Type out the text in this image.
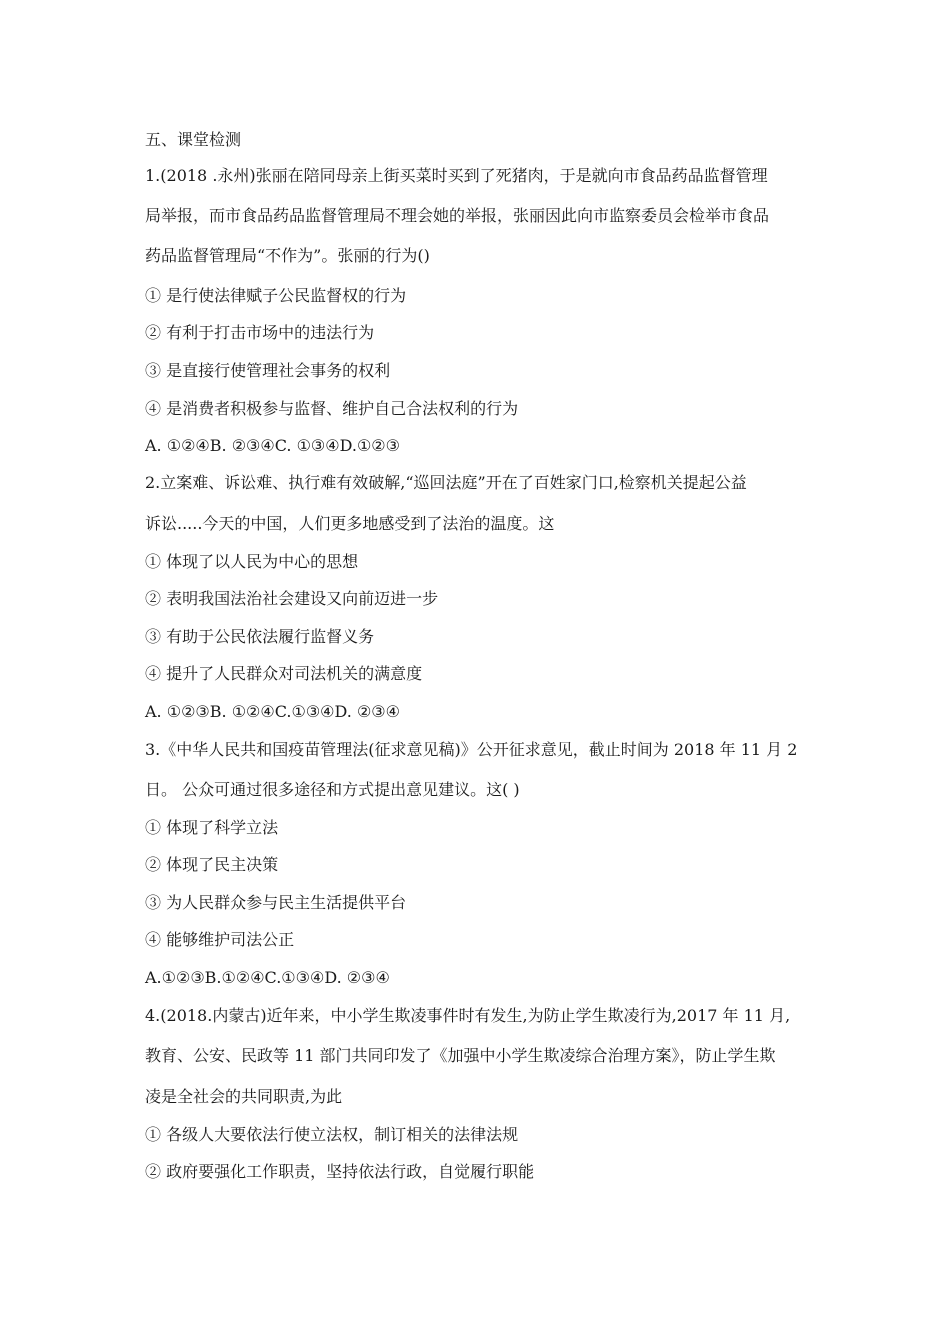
五、课堂检测
1.(2018 .永州)张丽在陪同母亲上街买菜时买到了死猪肉，于是就向市食品药品监督管理
局举报，而市食品药品监督管理局不理会她的举报，张丽因此向市监察委员会检举市食品
药品监督管理局“不作为”。张丽的行为()
① 是行使法律赋子公民监督权的行为
② 有利于打击市场中的违法行为
③ 是直接行使管理社会事务的权利
④ 是消费者积极参与监督、维护自己合法权利的行为
A. ①②④B. ②③④C. ①③④D.①②③
2.立案难、诉讼难、执行难有效破解,“巡回法庭”开在了百姓家门口,检察机关提起公益
诉讼.....今天的中国，人们更多地感受到了法治的温度。这
① 体现了以人民为中心的思想
② 表明我国法治社会建设又向前迈进一步
③ 有助于公民依法履行监督义务
④ 提升了人民群众对司法机关的满意度
A. ①②③B. ①②④C.①③④D. ②③④
3.《中华人民共和国疫苗管理法(征求意见稿)》公开征求意见，截止时间为 2018 年 11 月 2
日。 公众可通过很多途径和方式提出意见建议。这( )
① 体现了科学立法
② 体现了民主决策
③ 为人民群众参与民主生活提供平台
④ 能够维护司法公正
A.①②③B.①②④C.①③④D. ②③④
4.(2018.内蒙古)近年来，中小学生欺凌事件时有发生,为防止学生欺凌行为,2017 年 11 月,
教育、公安、民政等 11 部门共同印发了《加强中小学生欺凌综合治理方案》，防止学生欺
凌是全社会的共同职责,为此
① 各级人大要依法行使立法权，制订相关的法律法规
② 政府要强化工作职责，坚持依法行政，自觉履行职能
